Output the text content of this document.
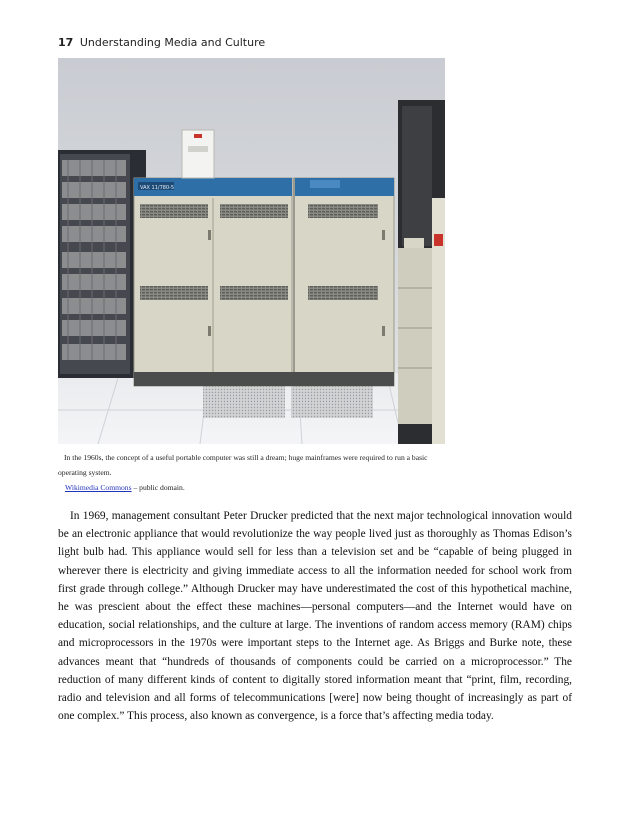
17 Understanding Media and Culture
VAX 11/780-5
In the 1960s, the concept of a useful portable computer was still a dream; huge mainframes were required to run a basic operating system.
Wikimedia Commons – public domain.

In 1969, management consultant Peter Drucker predicted that the next major technological innovation would be an electronic appliance that would revolutionize the way people lived just as thoroughly as Thomas Edison’s light bulb had. This appliance would sell for less than a television set and be “capable of being plugged in wherever there is electricity and giving immediate access to all the information needed for school work from first grade through college.” Although Drucker may have underestimated the cost of this hypothetical machine, he was prescient about the effect these machines—personal computers—and the Internet would have on education, social relationships, and the culture at large. The inventions of random access memory (RAM) chips and microprocessors in the 1970s were important steps to the Internet age. As Briggs and Burke note, these advances meant that “hundreds of thousands of components could be carried on a microprocessor.” The reduction of many different kinds of content to digitally stored information meant that “print, film, recording, radio and television and all forms of telecommunications [were] now being thought of increasingly as part of one complex.” This process, also known as convergence, is a force that’s affecting media today.
